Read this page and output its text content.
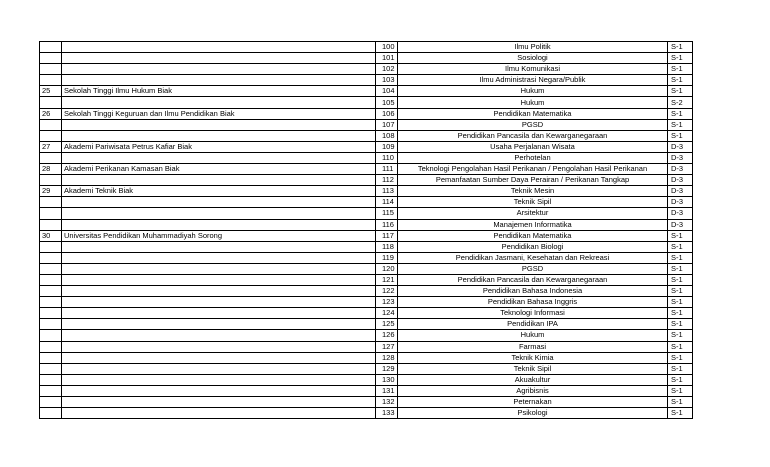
		100	Ilmu Politik	S-1
		101	Sosiologi	S-1
		102	Ilmu Komunikasi	S-1
		103	Ilmu Administrasi Negara/Publik	S-1
25	Sekolah Tinggi Ilmu Hukum Biak	104	Hukum	S-1
		105	Hukum	S-2
26	Sekolah Tinggi Keguruan dan Ilmu Pendidikan Biak	106	Pendidikan Matematika	S-1
		107	PGSD	S-1
		108	Pendidikan Pancasila dan Kewarganegaraan	S-1
27	Akademi Pariwisata Petrus Kafiar Biak	109	Usaha Perjalanan Wisata	D-3
		110	Perhotelan	D-3
28	Akademi Perikanan Kamasan Biak	111	Teknologi Pengolahan Hasil Perikanan / Pengolahan Hasil Perikanan	D-3
		112	Pemanfaatan Sumber Daya Perairan / Perikanan Tangkap	D-3
29	Akademi Teknik Biak	113	Teknik Mesin	D-3
		114	Teknik Sipil	D-3
		115	Arsitektur	D-3
		116	Manajemen Informatika	D-3
30	Universitas Pendidikan Muhammadiyah Sorong	117	Pendidikan Matematika	S-1
		118	Pendidikan Biologi	S-1
		119	Pendidikan Jasmani, Kesehatan dan Rekreasi	S-1
		120	PGSD	S-1
		121	Pendidikan Pancasila dan Kewarganegaraan	S-1
		122	Pendidikan Bahasa Indonesia	S-1
		123	Pendidikan Bahasa Inggris	S-1
		124	Teknologi Informasi	S-1
		125	Pendidikan IPA	S-1
		126	Hukum	S-1
		127	Farmasi	S-1
		128	Teknik Kimia	S-1
		129	Teknik Sipil	S-1
		130	Akuakultur	S-1
		131	Agribisnis	S-1
		132	Peternakan	S-1
		133	Psikologi	S-1
